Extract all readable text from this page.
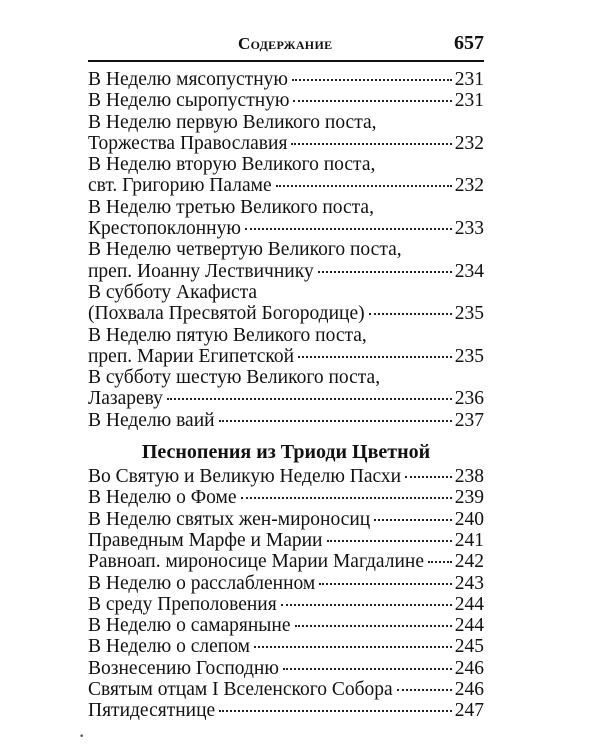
Содержание	657
В Неделю мясопустную	231
В Неделю сыропустную	231
В Неделю первую Великого поста,
Торжества Православия	232
В Неделю вторую Великого поста,
свт. Григорию Паламе	232
В Неделю третью Великого поста,
Крестопоклонную	233
В Неделю четвертую Великого поста,
преп. Иоанну Лествичнику	234
В субботу Акафиста
(Похвала Пресвятой Богородице)	235
В Неделю пятую Великого поста,
преп. Марии Египетской	235
В субботу шестую Великого поста,
Лазареву	236
В Неделю ваий	237
Песнопения из Триоди Цветной
Во Святую и Великую Неделю Пасхи	238
В Неделю о Фоме	239
В Неделю святых жен-мироносиц	240
Праведным Марфе и Марии	241
Равноап. мироносице Марии Магдалине 242
В Неделю о расслабленном	243
В среду Преполовения	244
В Неделю о самаряныне	244
В Неделю о слепом	245
Вознесению Господню	246
Святым отцам I Вселенского Собора	246
Пятидесятнице	247
·
